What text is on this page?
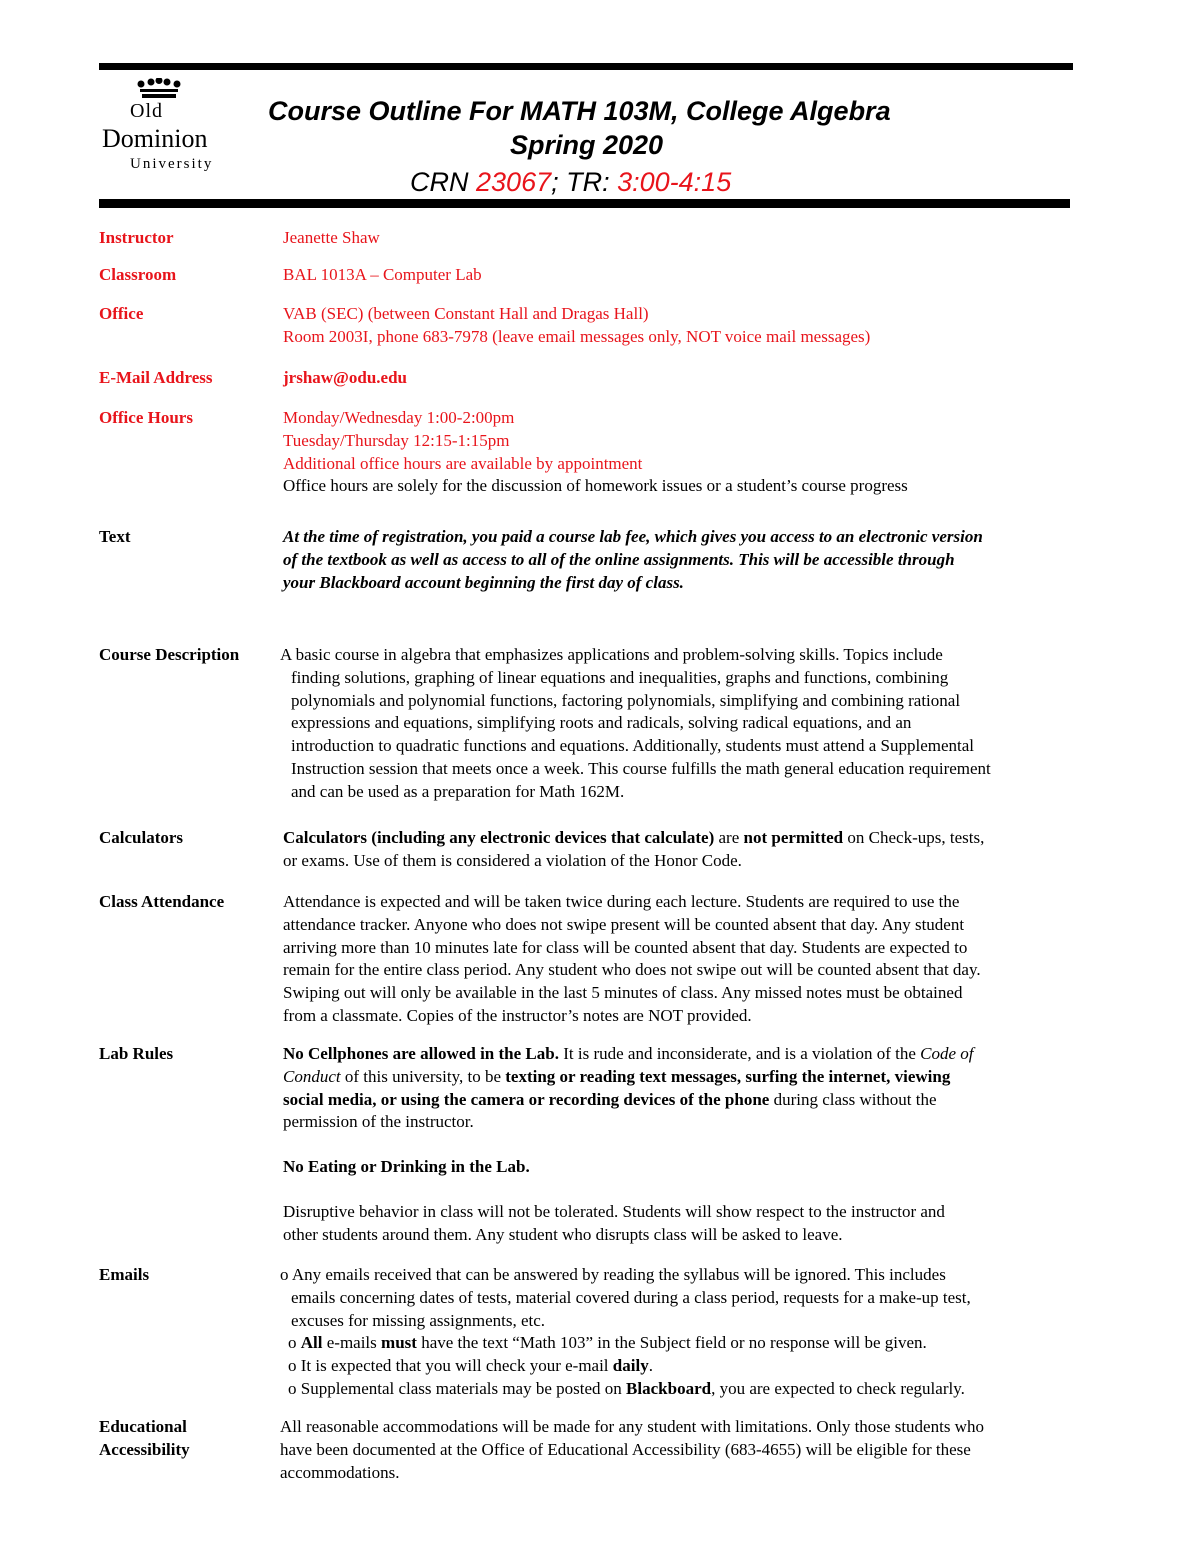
Old
Dominion
University
Course Outline For MATH 103M, College Algebra
Spring 2020
CRN 23067; TR: 3:00-4:15
Instructor	Jeanette Shaw
Classroom	BAL 1013A – Computer Lab
Office	VAB (SEC) (between Constant Hall and Dragas Hall)
Room 2003I, phone 683-7978 (leave email messages only, NOT voice mail messages)
E-Mail Address	jrshaw@odu.edu
Office Hours	Monday/Wednesday 1:00-2:00pm
Tuesday/Thursday 12:15-1:15pm
Additional office hours are available by appointment
Office hours are solely for the discussion of homework issues or a student’s course progress
Text	At the time of registration, you paid a course lab fee, which gives you access to an electronic version
of the textbook as well as access to all of the online assignments. This will be accessible through
your Blackboard account beginning the first day of class.
Course Description	A basic course in algebra that emphasizes applications and problem-solving skills. Topics include
finding solutions, graphing of linear equations and inequalities, graphs and functions, combining
polynomials and polynomial functions, factoring polynomials, simplifying and combining rational
expressions and equations, simplifying roots and radicals, solving radical equations, and an
introduction to quadratic functions and equations. Additionally, students must attend a Supplemental
Instruction session that meets once a week. This course fulfills the math general education requirement
and can be used as a preparation for Math 162M.
Calculators	Calculators (including any electronic devices that calculate) are not permitted on Check-ups, tests,
or exams. Use of them is considered a violation of the Honor Code.
Class Attendance	Attendance is expected and will be taken twice during each lecture. Students are required to use the
attendance tracker. Anyone who does not swipe present will be counted absent that day. Any student
arriving more than 10 minutes late for class will be counted absent that day. Students are expected to
remain for the entire class period. Any student who does not swipe out will be counted absent that day.
Swiping out will only be available in the last 5 minutes of class. Any missed notes must be obtained
from a classmate. Copies of the instructor’s notes are NOT provided.
Lab Rules	No Cellphones are allowed in the Lab. It is rude and inconsiderate, and is a violation of the Code of
Conduct of this university, to be texting or reading text messages, surfing the internet, viewing
social media, or using the camera or recording devices of the phone during class without the
permission of the instructor.
No Eating or Drinking in the Lab.
Disruptive behavior in class will not be tolerated. Students will show respect to the instructor and
other students around them. Any student who disrupts class will be asked to leave.
Emails	o Any emails received that can be answered by reading the syllabus will be ignored. This includes
emails concerning dates of tests, material covered during a class period, requests for a make-up test,
excuses for missing assignments, etc.
o All e-mails must have the text “Math 103” in the Subject field or no response will be given.
o It is expected that you will check your e-mail daily.
o Supplemental class materials may be posted on Blackboard, you are expected to check regularly.
Educational
Accessibility
All reasonable accommodations will be made for any student with limitations. Only those students who
have been documented at the Office of Educational Accessibility (683-4655) will be eligible for these
accommodations.
